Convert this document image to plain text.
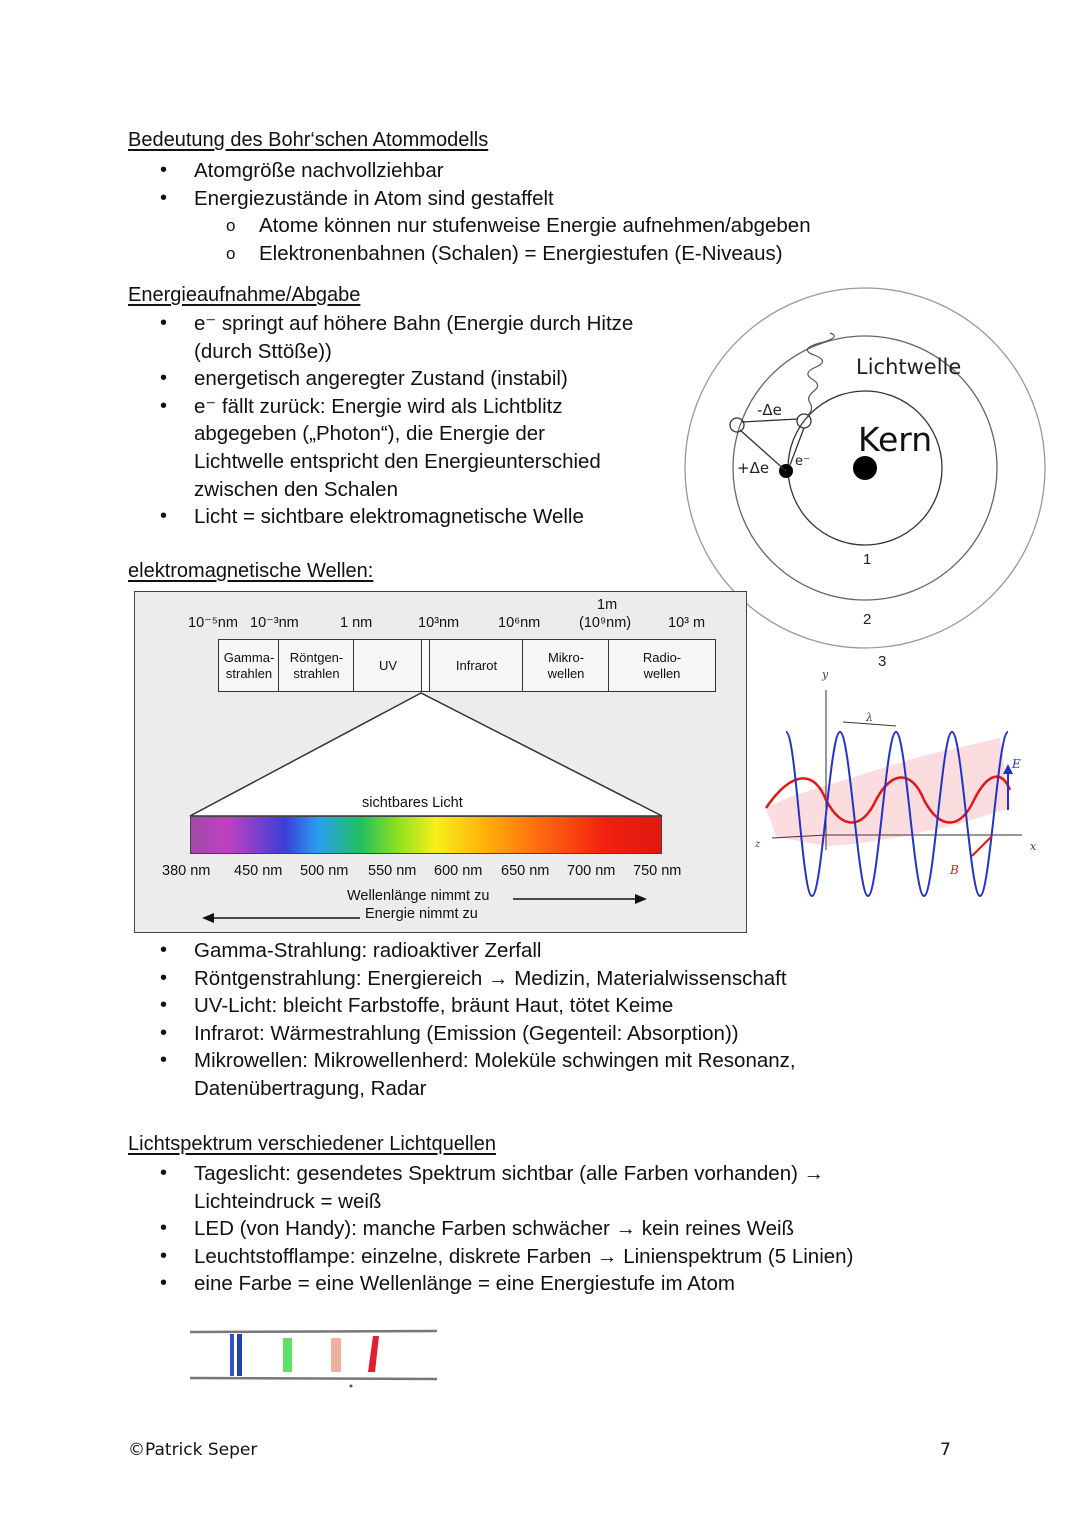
Bedeutung des Bohr‘schen Atommodells
• Atomgröße nachvollziehbar
• Energiezustände in Atom sind gestaffelt
o Atome können nur stufenweise Energie aufnehmen/abgeben
o Elektronenbahnen (Schalen) = Energiestufen (E-Niveaus)
Energieaufnahme/Abgabe
• e⁻ springt auf höhere Bahn (Energie durch Hitze
(durch Sttöße))
• energetisch angeregter Zustand (instabil)
• e⁻ fällt zurück: Energie wird als Lichtblitz
abgegeben („Photon“), die Energie der
Lichtwelle entspricht den Energieunterschied
zwischen den Schalen
• Licht = sichtbare elektromagnetische Welle
Lichtwelle
Kern
-Δe
+Δe e⁻
1
2
3
elektromagnetische Wellen:
10⁻⁵nm 10⁻³nm	1 nm	10³nm	10⁶nm
1m
(10⁹nm)	10³ m
Gamma-
strahlen
Röntgen-
strahlen
UV	Infrarot
Mikro-
wellen
Radio-
wellen
sichtbares Licht
380 nm 450 nm 500 nm 550 nm 600 nm 650 nm 700 nm 750 nm
Wellenlänge nimmt zu
Energie nimmt zu
y
z	x
λ
E
B
• Gamma-Strahlung: radioaktiver Zerfall
• Röntgenstrahlung: Energiereich → Medizin, Materialwissenschaft
• UV-Licht: bleicht Farbstoffe, bräunt Haut, tötet Keime
• Infrarot: Wärmestrahlung (Emission (Gegenteil: Absorption))
• Mikrowellen: Mikrowellenherd: Moleküle schwingen mit Resonanz,
Datenübertragung, Radar
Lichtspektrum verschiedener Lichtquellen
• Tageslicht: gesendetes Spektrum sichtbar (alle Farben vorhanden) →
Lichteindruck = weiß
• LED (von Handy): manche Farben schwächer → kein reines Weiß
• Leuchtstofflampe: einzelne, diskrete Farben → Linienspektrum (5 Linien)
• eine Farbe = eine Wellenlänge = eine Energiestufe im Atom
©Patrick Seper	7
